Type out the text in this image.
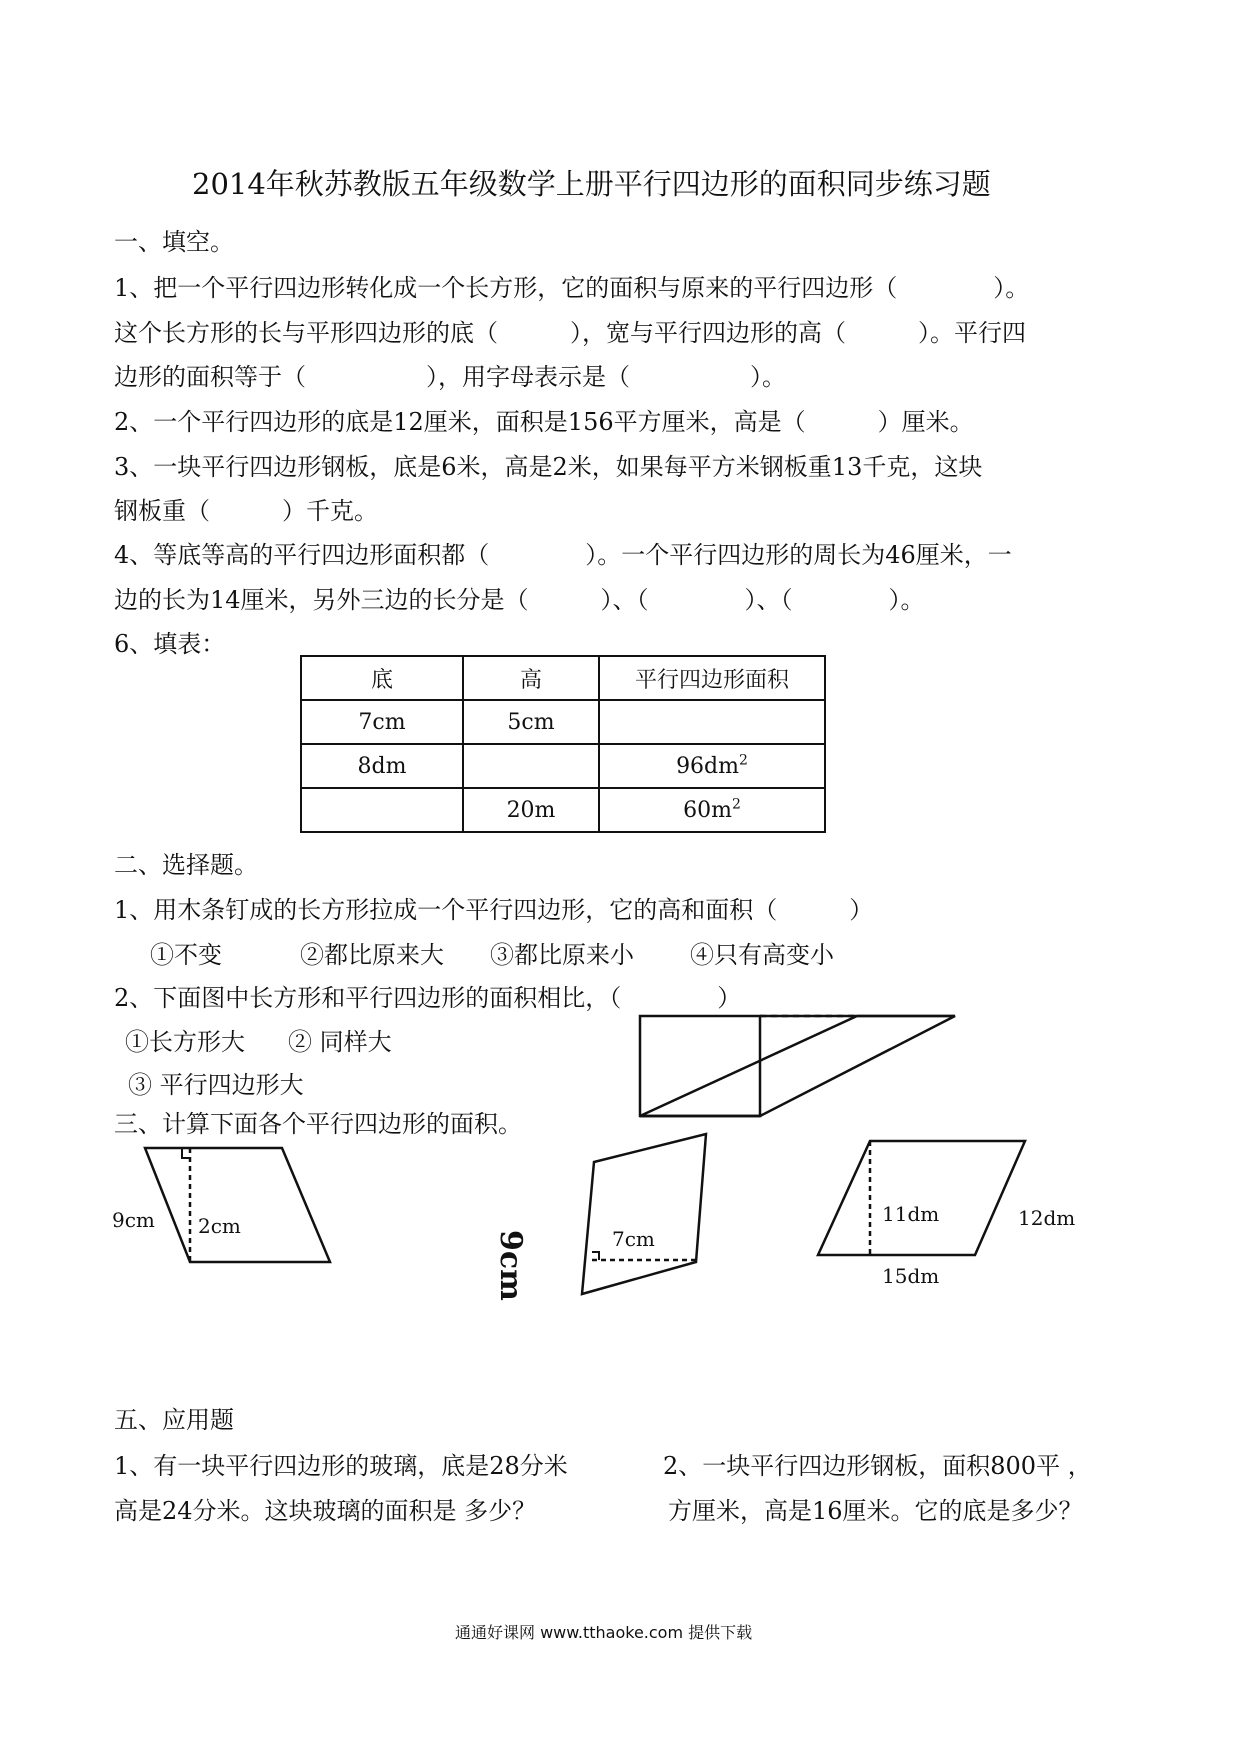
2014年秋苏教版五年级数学上册平行四边形的面积同步练习题
一、填空。
1、把一个平行四边形转化成一个长方形，它的面积与原来的平行四边形（　　　　）。
这个长方形的长与平形四边形的底（　　　），宽与平行四边形的高（　　　）。平行四
边形的面积等于（　　　　　），用字母表示是（　　　　　）。
2、一个平行四边形的底是12厘米，面积是156平方厘米，高是（　　　）厘米。
3、一块平行四边形钢板，底是6米，高是2米，如果每平方米钢板重13千克，这块
钢板重（　　　）千克。
4、等底等高的平行四边形面积都（　　　　）。一个平行四边形的周长为46厘米，一
边的长为14厘米，另外三边的长分是（　　　）、（　　　　）、（　　　　）。
6、填表：
底	高	平行四边形面积
7cm	5cm	
8dm		$96dm^2$
	20m	$60m^2$
二、选择题。
1、用木条钉成的长方形拉成一个平行四边形，它的高和面积（　　　）
①不变	②都比原来大 ③都比原来小 ④只有高变小
2、下面图中长方形和平行四边形的面积相比，（　　　　）
①长方形大 ② 同样大
③ 平行四边形大
三、计算下面各个平行四边形的面积。
9cm 2cm
9cm	7cm
11dm	12dm
15dm
五、应用题
1、有一块平行四边形的玻璃，底是28分米
高是24分米。这块玻璃的面积是 多少？
2、一块平行四边形钢板，面积800平 ，
方厘米，高是16厘米。它的底是多少？
通通好课网 www.tthaoke.com 提供下载
